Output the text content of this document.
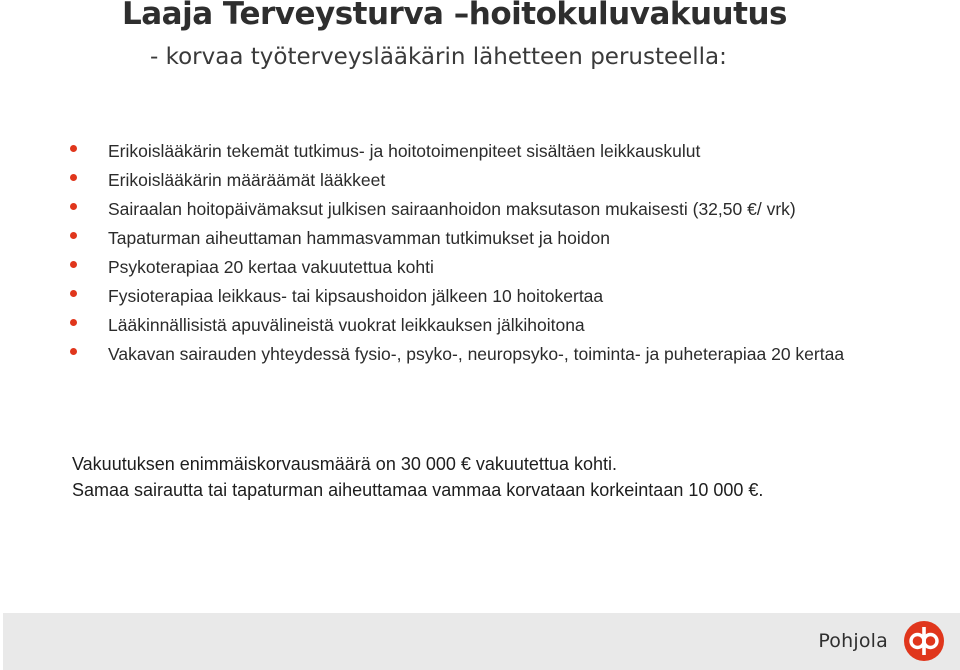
Laaja Terveysturva –hoitokuluvakuutus
- korvaa työterveyslääkärin lähetteen perusteella:
Erikoislääkärin tekemät tutkimus- ja hoitotoimenpiteet sisältäen leikkauskulut
Erikoislääkärin määräämät lääkkeet
Sairaalan hoitopäivämaksut julkisen sairaanhoidon maksutason mukaisesti (32,50 €/ vrk)
Tapaturman aiheuttaman hammasvamman tutkimukset ja hoidon
Psykoterapiaa 20 kertaa vakuutettua kohti
Fysioterapiaa leikkaus- tai kipsaushoidon jälkeen 10 hoitokertaa
Lääkinnällisistä apuvälineistä vuokrat leikkauksen jälkihoitona
Vakavan sairauden yhteydessä fysio-, psyko-, neuropsyko-, toiminta- ja puheterapiaa 20 kertaa

Vakuutuksen enimmäiskorvausmäärä on 30 000 € vakuutettua kohti.

Samaa sairautta tai tapaturman aiheuttamaa vammaa korvataan korkeintaan 10 000 €.

Pohjola
